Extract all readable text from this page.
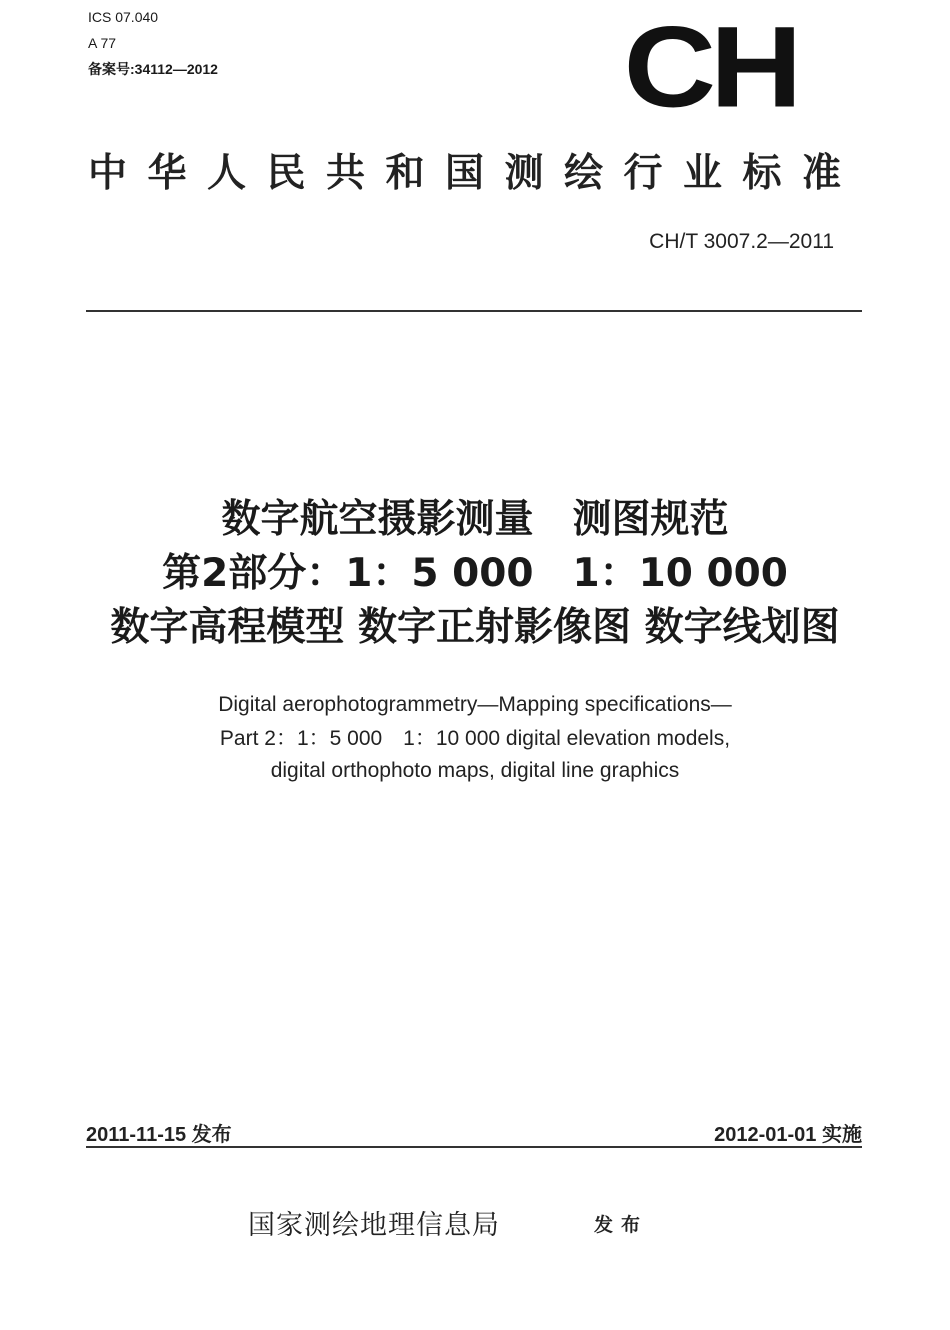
ICS 07.040
A 77
备案号:34112—2012	CH
中华人民共和国测绘行业标准
CH/T 3007.2—2011
数字航空摄影测量　测图规范
第2部分：1：5 000　1：10 000
数字高程模型 数字正射影像图 数字线划图
Digital aerophotogrammetry—Mapping specifications—
Part 2：1：5 000　1：10 000 digital elevation models,
digital orthophoto maps, digital line graphics
2011-11-15 发布	2012-01-01 实施
国家测绘地理信息局	发布
